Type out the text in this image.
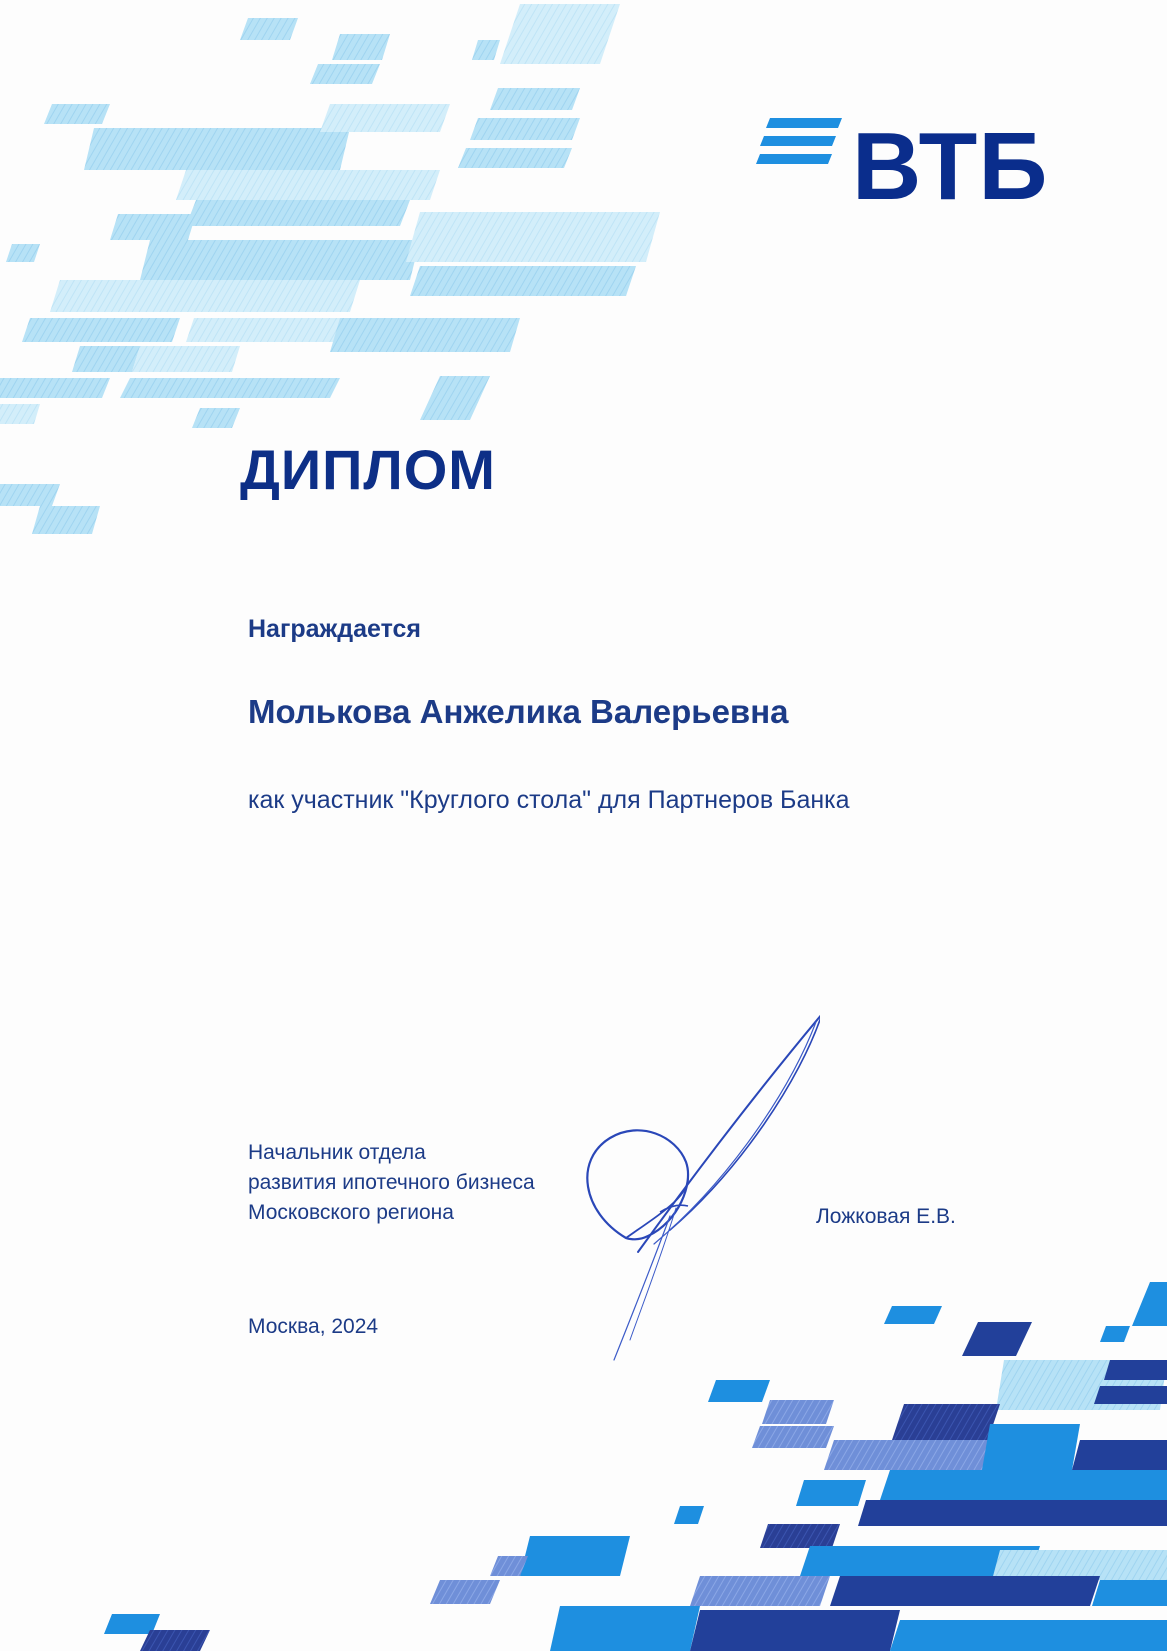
ВТБ
ДИПЛОМ
Награждается
Молькова Анжелика Валерьевна
как участник "Круглого стола" для Партнеров Банка
Начальник отдела
развития ипотечного бизнеса
Московского региона	Ложковая Е.В.
Москва, 2024
